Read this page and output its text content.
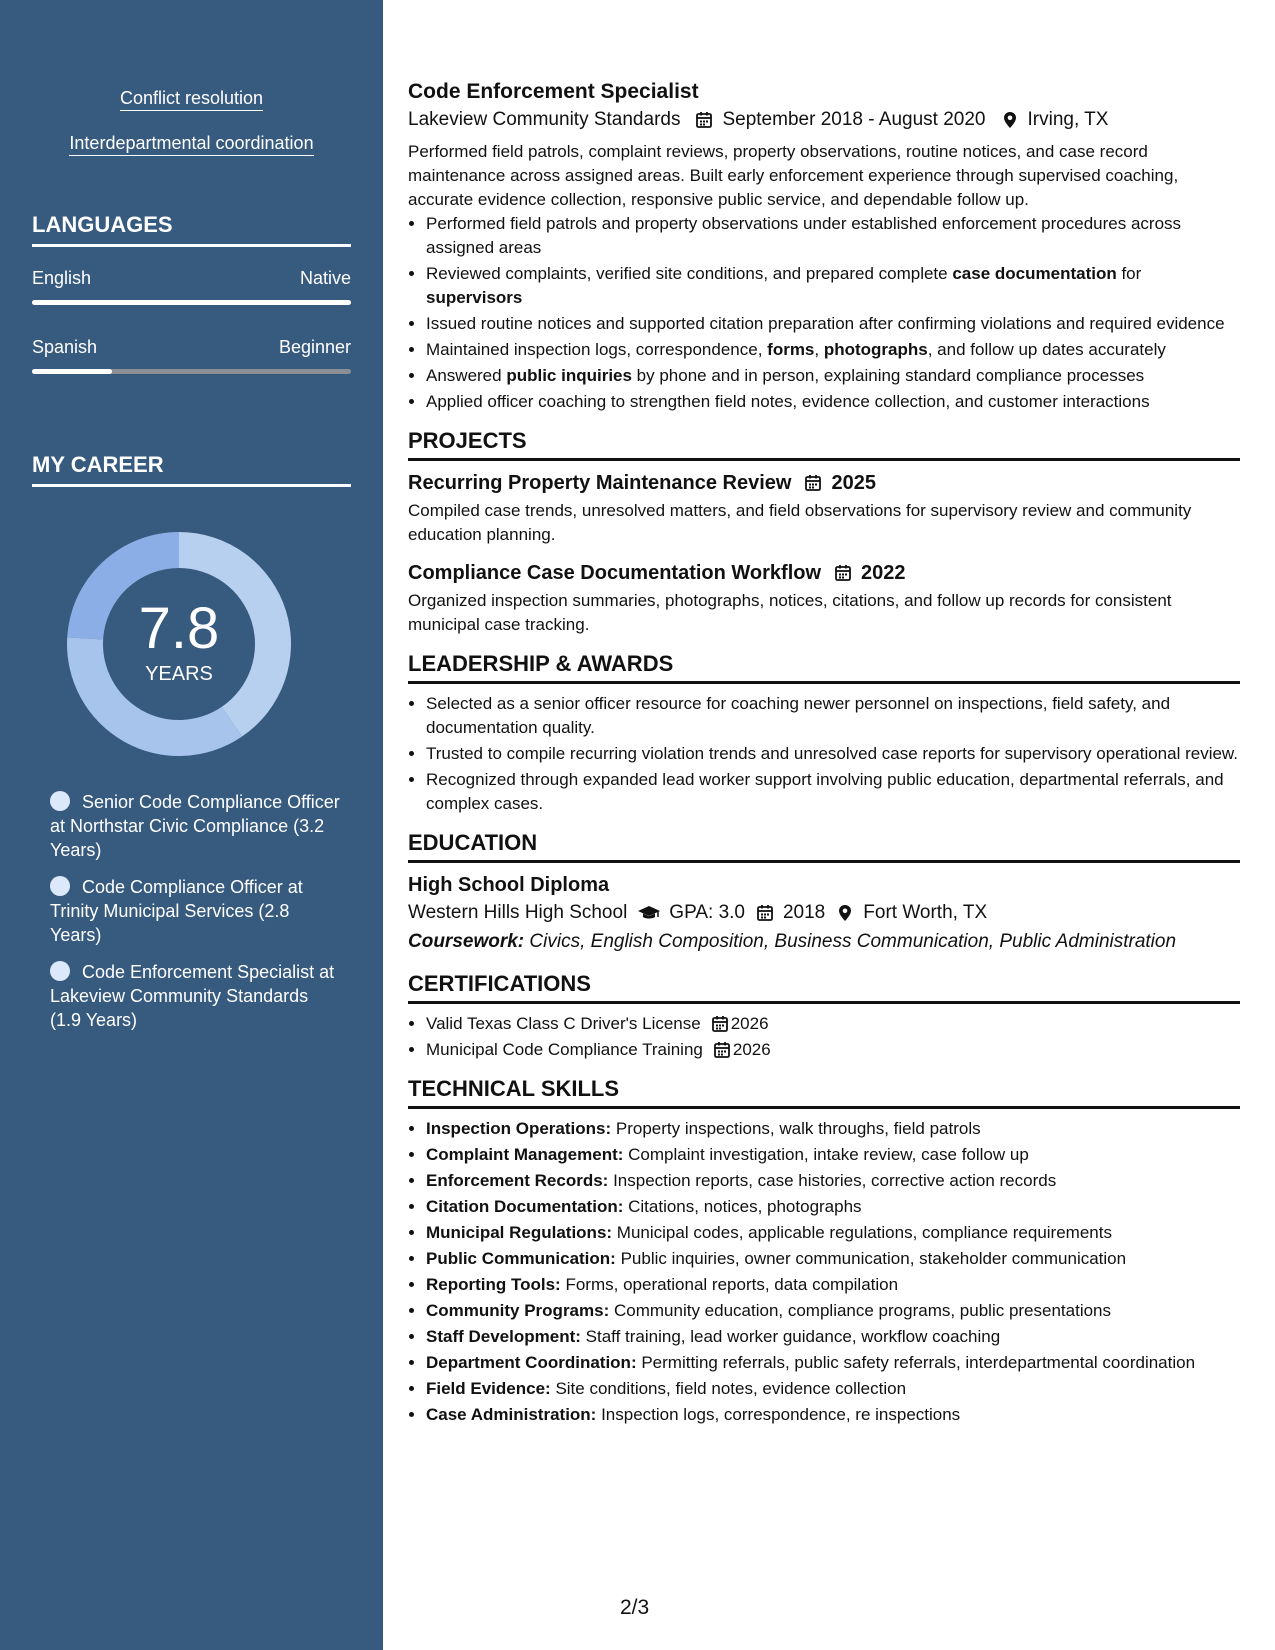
Conflict resolution
Interdepartmental coordination
LANGUAGES
English	Native
Spanish	Beginner
MY CAREER
7.8
YEARS
Senior Code Compliance Officer at Northstar Civic Compliance (3.2 Years)
Code Compliance Officer at Trinity Municipal Services (2.8 Years)
Code Enforcement Specialist at Lakeview Community Standards (1.9 Years)
Code Enforcement Specialist
Lakeview Community Standards September 2018 - August 2020 Irving, TX

Performed field patrols, complaint reviews, property observations, routine notices, and case record maintenance across assigned areas. Built early enforcement experience through supervised coaching, accurate evidence collection, responsive public service, and dependable follow up.

• Performed field patrols and property observations under established enforcement procedures across assigned areas
• Reviewed complaints, verified site conditions, and prepared complete case documentation for supervisors
• Issued routine notices and supported citation preparation after confirming violations and required evidence
• Maintained inspection logs, correspondence, forms, photographs, and follow up dates accurately
• Answered public inquiries by phone and in person, explaining standard compliance processes
• Applied officer coaching to strengthen field notes, evidence collection, and customer interactions
PROJECTS
Recurring Property Maintenance Review 2025

Compiled case trends, unresolved matters, and field observations for supervisory review and community education planning.

Compliance Case Documentation Workflow 2022

Organized inspection summaries, photographs, notices, citations, and follow up records for consistent municipal case tracking.

LEADERSHIP & AWARDS
• Selected as a senior officer resource for coaching newer personnel on inspections, field safety, and documentation quality.
• Trusted to compile recurring violation trends and unresolved case reports for supervisory operational review.
• Recognized through expanded lead worker support involving public education, departmental referrals, and complex cases.
EDUCATION
High School Diploma
Western Hills High School GPA: 3.0 2018 Fort Worth, TX
Coursework: Civics, English Composition, Business Communication, Public Administration
CERTIFICATIONS
• Valid Texas Class C Driver's License 2026
• Municipal Code Compliance Training 2026
TECHNICAL SKILLS
• Inspection Operations: Property inspections, walk throughs, field patrols
• Complaint Management: Complaint investigation, intake review, case follow up
• Enforcement Records: Inspection reports, case histories, corrective action records
• Citation Documentation: Citations, notices, photographs
• Municipal Regulations: Municipal codes, applicable regulations, compliance requirements
• Public Communication: Public inquiries, owner communication, stakeholder communication
• Reporting Tools: Forms, operational reports, data compilation
• Community Programs: Community education, compliance programs, public presentations
• Staff Development: Staff training, lead worker guidance, workflow coaching
• Department Coordination: Permitting referrals, public safety referrals, interdepartmental coordination
• Field Evidence: Site conditions, field notes, evidence collection
• Case Administration: Inspection logs, correspondence, re inspections
2/3
